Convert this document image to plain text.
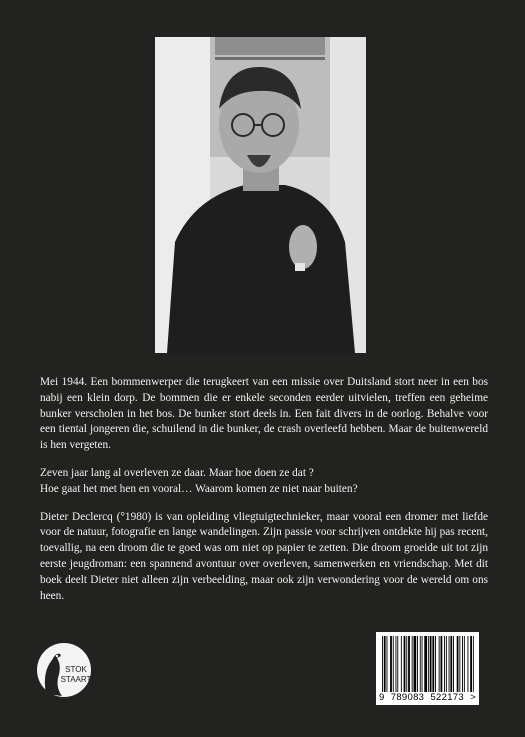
Mei 1944. Een bommenwerper die terugkeert van een missie over Duitsland stort neer in een bos nabij een klein dorp. De bommen die er enkele seconden eerder uitvielen, treffen een geheime bunker verscholen in het bos. De bunker stort deels in. Een fait divers in de oorlog. Behalve voor een tiental jongeren die, schuilend in die bunker, de crash overleefd hebben. Maar de buitenwereld is hen vergeten.

Zeven jaar lang al overleven ze daar. Maar hoe doen ze dat ?
Hoe gaat het met hen en vooral… Waarom komen ze niet naar buiten?

Dieter Declercq (°1980) is van opleiding vliegtuigtechnieker, maar vooral een dromer met liefde voor de natuur, fotografie en lange wandelingen. Zijn passie voor schrijven ontdekte hij pas recent, toevallig, na een droom die te goed was om niet op papier te zetten. Die droom groeide uit tot zijn eerste jeugdroman: een spannend avontuur over overleven, samenwerken en vriendschap. Met dit boek deelt Dieter niet alleen zijn verbeelding, maar ook zijn verwondering voor de wereld om ons heen.

STOK
STAART
9 789083 522173 >
